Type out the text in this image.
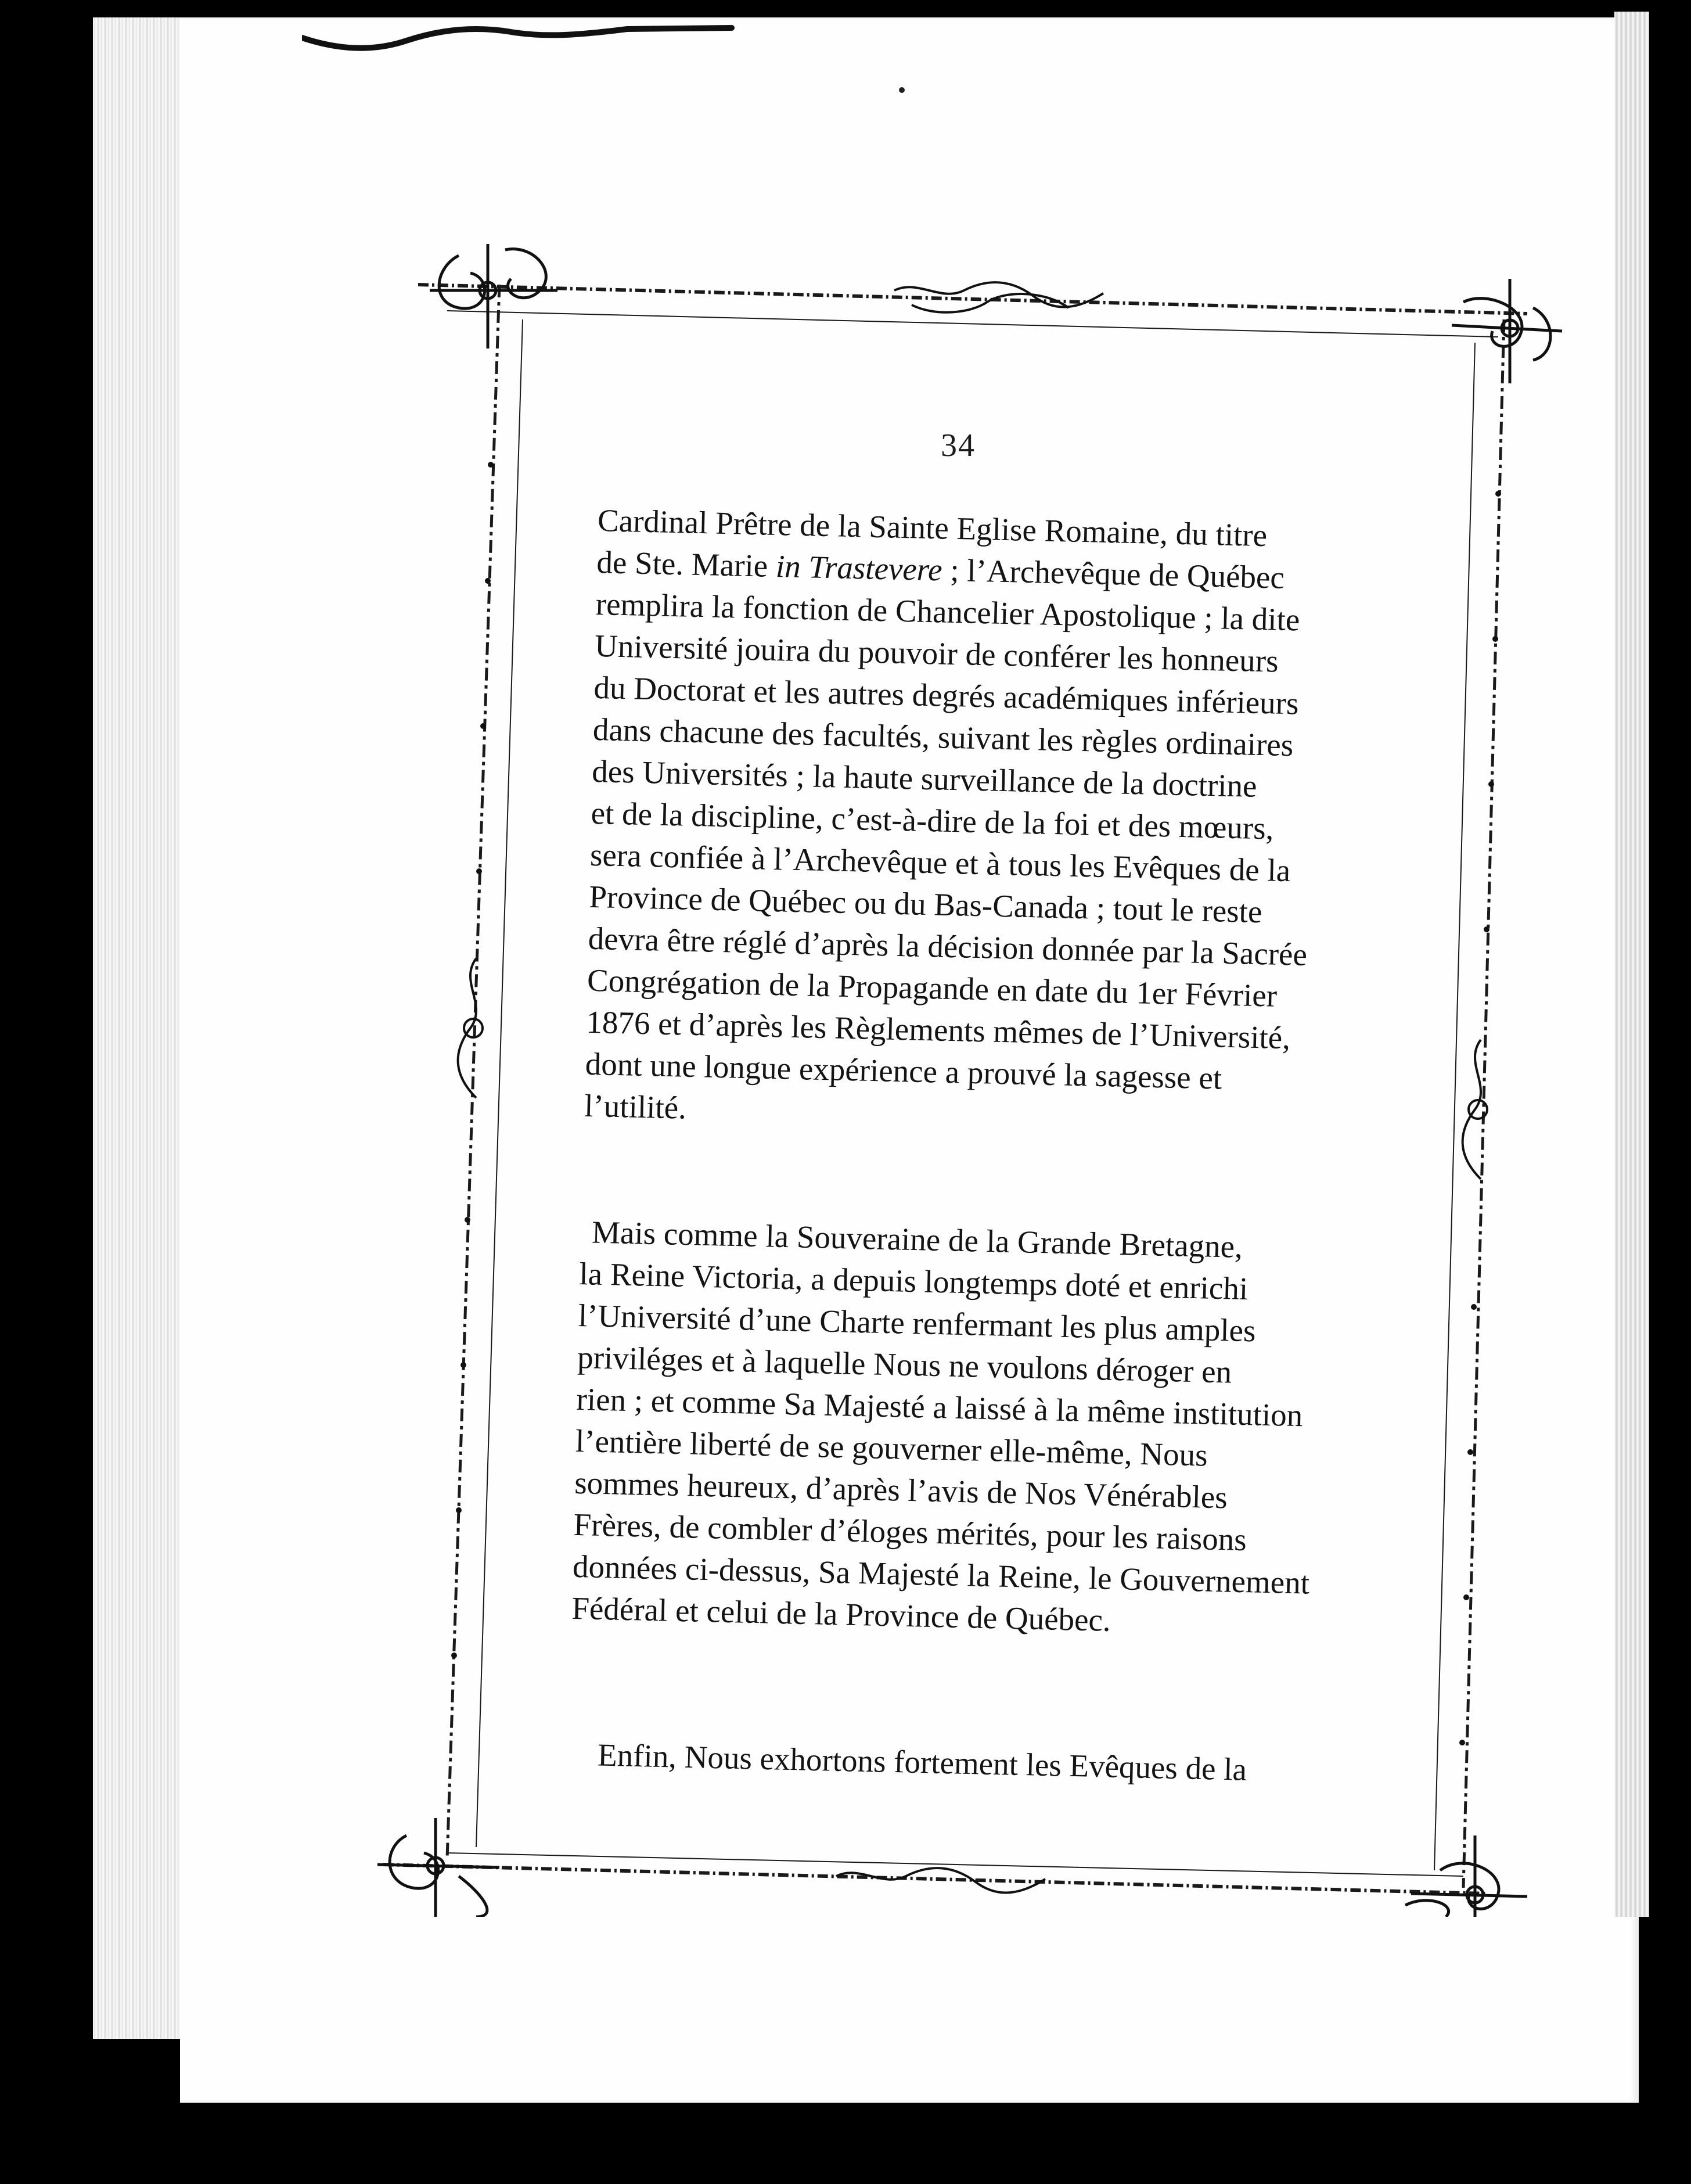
34
Cardinal Prêtre de la Sainte Eglise Romaine, du titre
de Ste. Marie in Trastevere ; l’Archevêque de Québec
remplira la fonction de Chancelier Apostolique ; la dite
Université jouira du pouvoir de conférer les honneurs
du Doctorat et les autres degrés académiques inférieurs
dans chacune des facultés, suivant les règles ordinaires
des Universités ; la haute surveillance de la doctrine
et de la discipline, c’est-à-dire de la foi et des mœurs,
sera confiée à l’Archevêque et à tous les Evêques de la
Province de Québec ou du Bas-Canada ; tout le reste
devra être réglé d’après la décision donnée par la Sacrée
Congrégation de la Propagande en date du 1er Février
1876 et d’après les Règlements mêmes de l’Université,
dont une longue expérience a prouvé la sagesse et
l’utilité.
Mais comme la Souveraine de la Grande Bretagne,
la Reine Victoria, a depuis longtemps doté et enrichi
l’Université d’une Charte renfermant les plus amples
priviléges et à laquelle Nous ne voulons déroger en
rien ; et comme Sa Majesté a laissé à la même institution
l’entière liberté de se gouverner elle-même, Nous
sommes heureux, d’après l’avis de Nos Vénérables
Frères, de combler d’éloges mérités, pour les raisons
données ci-dessus, Sa Majesté la Reine, le Gouvernement
Fédéral et celui de la Province de Québec.
Enfin, Nous exhortons fortement les Evêques de la
